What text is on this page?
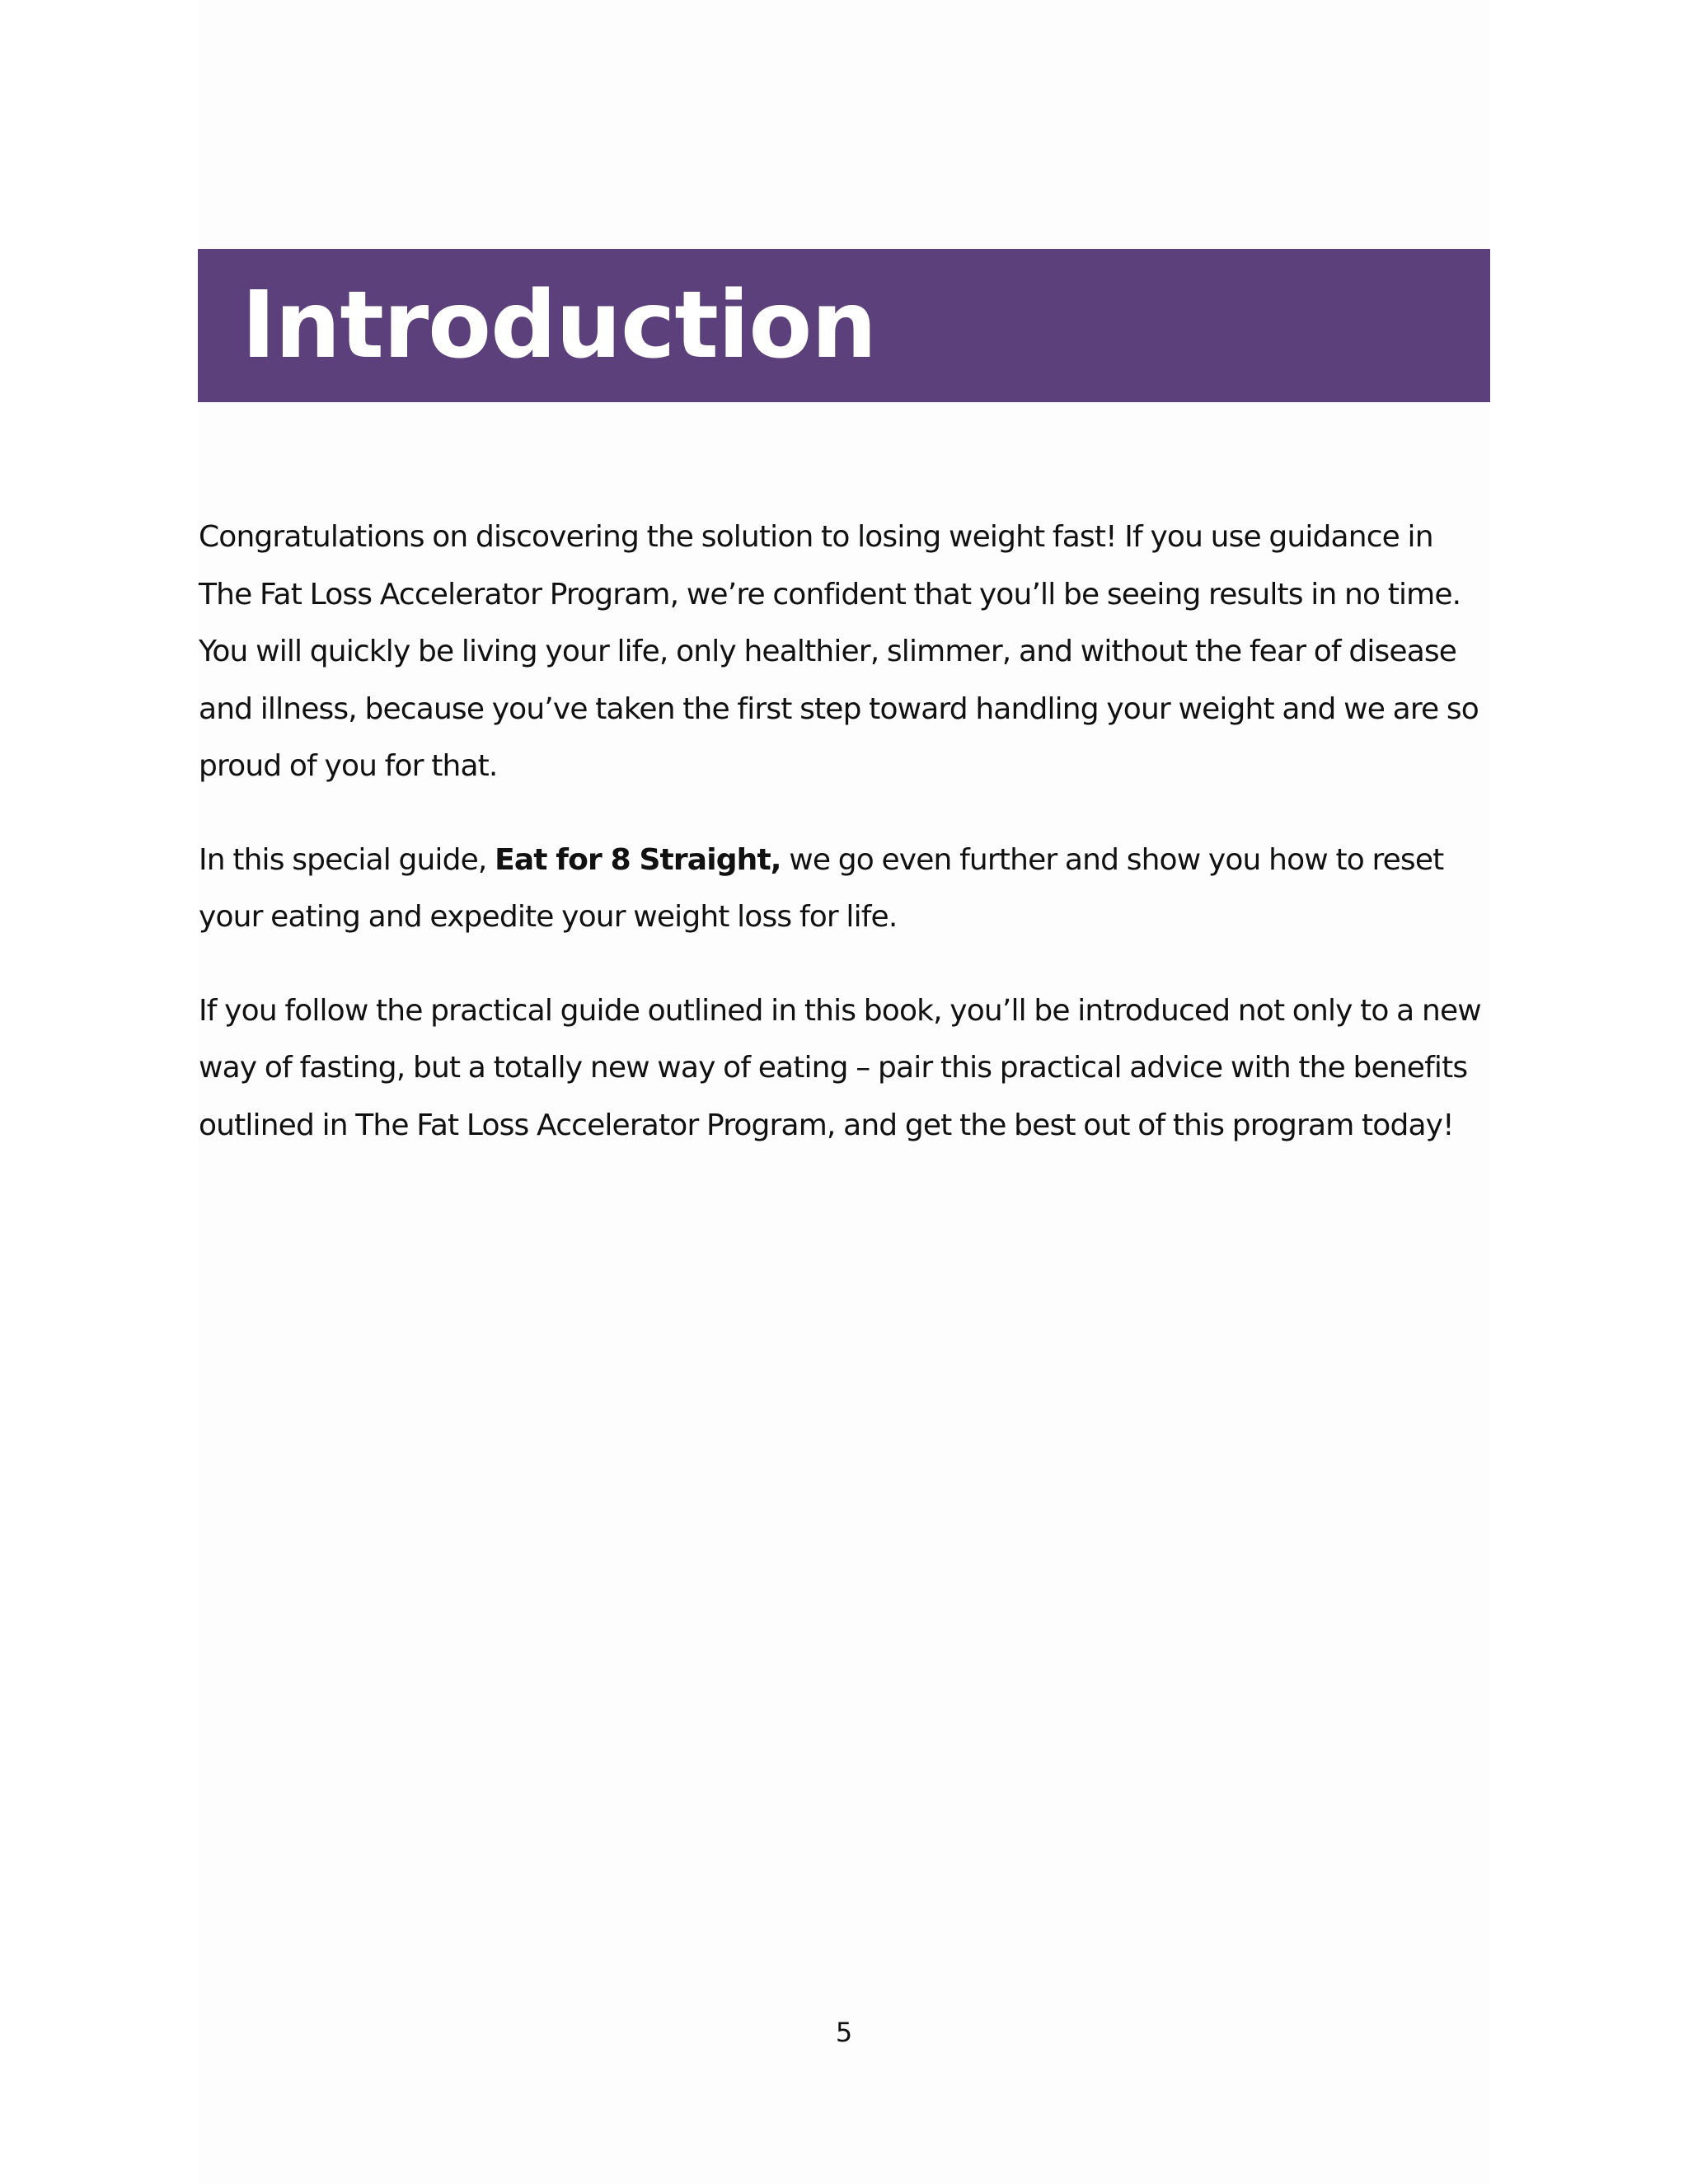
Introduction

Congratulations on discovering the solution to losing weight fast! If you use guidance in The Fat Loss Accelerator Program, we’re confident that you’ll be seeing results in no time. You will quickly be living your life, only healthier, slimmer, and without the fear of disease and illness, because you’ve taken the first step toward handling your weight and we are so proud of you for that.

In this special guide, Eat for 8 Straight, we go even further and show you how to reset your eating and expedite your weight loss for life.

If you follow the practical guide outlined in this book, you’ll be introduced not only to a new way of fasting, but a totally new way of eating – pair this practical advice with the benefits outlined in The Fat Loss Accelerator Program, and get the best out of this program today!

5
